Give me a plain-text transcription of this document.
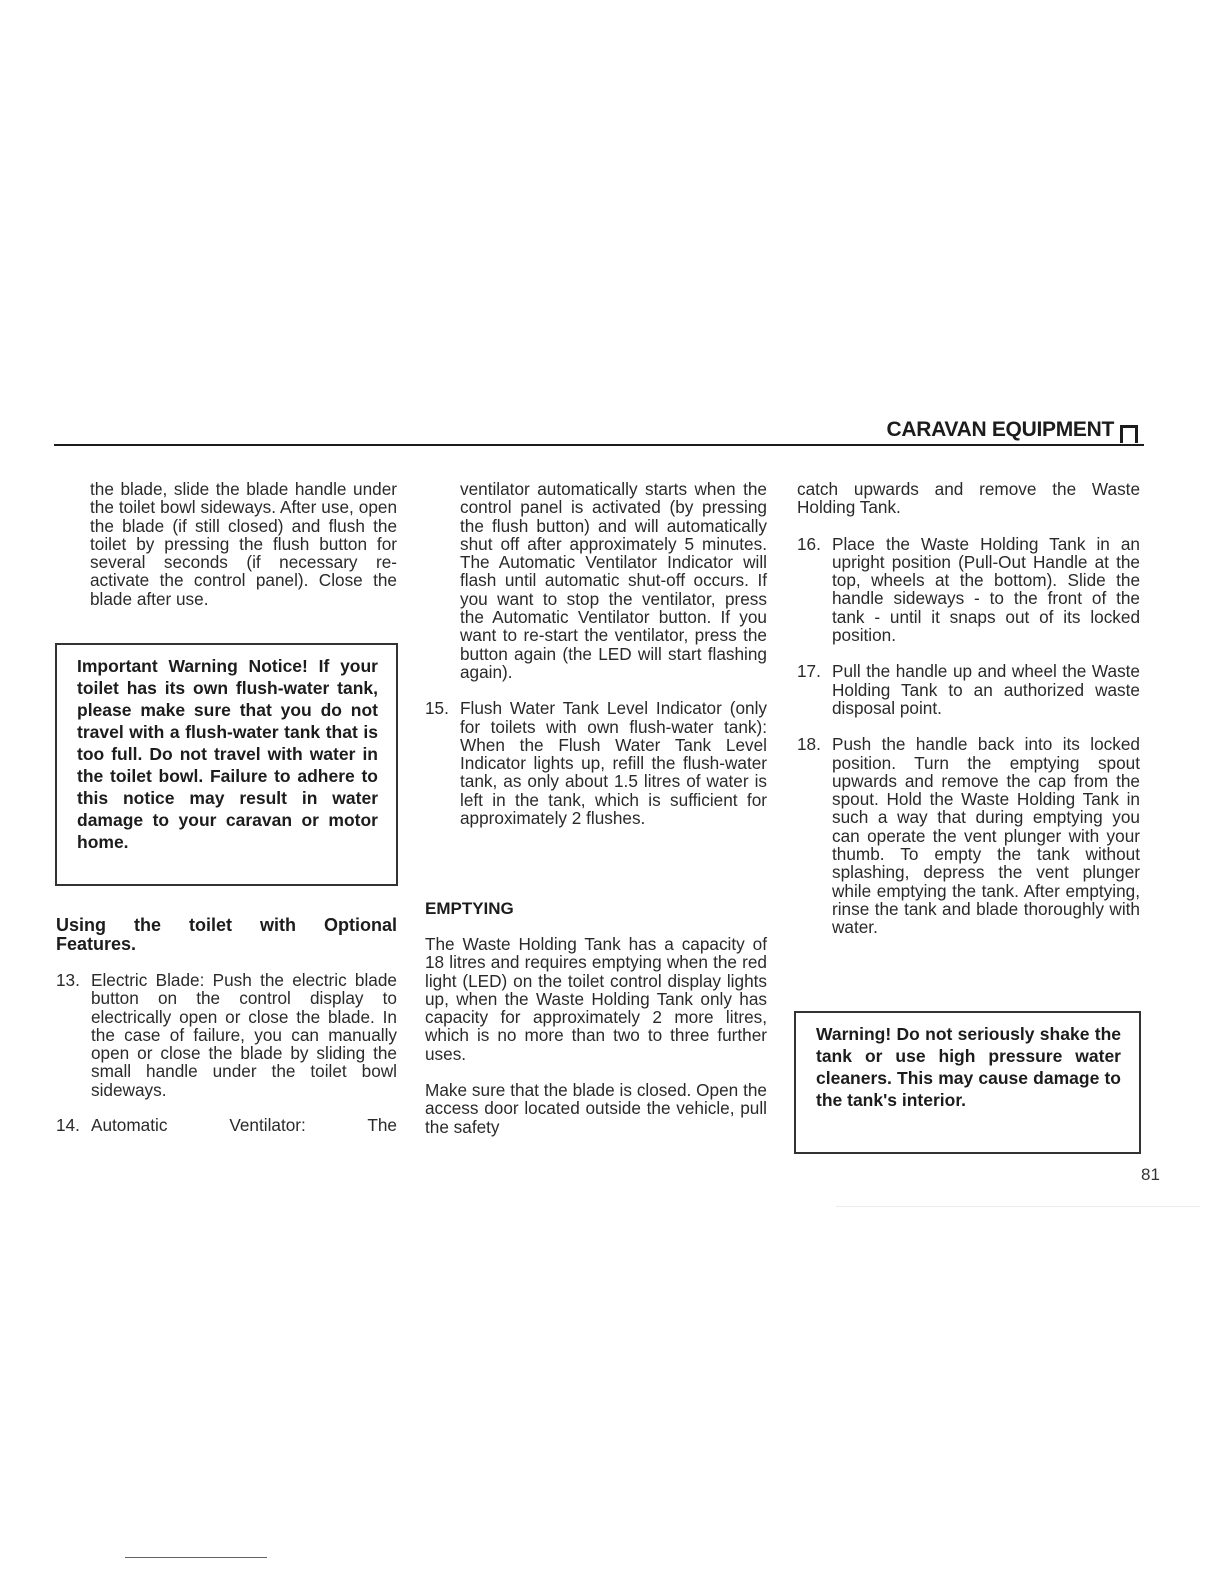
CARAVAN EQUIPMENT

the blade, slide the blade handle under the toilet bowl sideways. After use, open the blade (if still closed) and flush the toilet by pressing the flush button for several seconds (if necessary re-activate the control panel). Close the blade after use.

Important Warning Notice! If your toilet has its own flush-water tank, please make sure that you do not travel with a flush-water tank that is too full. Do not travel with water in the toilet bowl. Failure to adhere to this notice may result in water damage to your caravan or motor home.

Using the toilet with Optional
Features.
13. Electric Blade: Push the electric blade button on the control display to electrically open or close the blade. In the case of failure, you can manually open or close the blade by sliding the small handle under the toilet bowl sideways.
14. Automatic Ventilator: The
ventilator automatically starts when the control panel is activated (by pressing the flush button) and will automatically shut off after approximately 5 minutes. The Automatic Ventilator Indicator will flash until automatic shut-off occurs. If you want to stop the ventilator, press the Automatic Ventilator button. If you want to re-start the ventilator, press the button again (the LED will start flashing again).
15. Flush Water Tank Level Indicator (only for toilets with own flush-water tank): When the Flush Water Tank Level Indicator lights up, refill the flush-water tank, as only about 1.5 litres of water is left in the tank, which is sufficient for approximately 2 flushes.
EMPTYING

The Waste Holding Tank has a capacity of 18 litres and requires emptying when the red light (LED) on the toilet control display lights up, when the Waste Holding Tank only has capacity for approximately 2 more litres, which is no more than two to three further uses.

Make sure that the blade is closed. Open the access door located outside the vehicle, pull the safety

catch upwards and remove the Waste Holding Tank.

16. Place the Waste Holding Tank in an upright position (Pull-Out Handle at the top, wheels at the bottom). Slide the handle sideways - to the front of the tank - until it snaps out of its locked position.
17. Pull the handle up and wheel the Waste Holding Tank to an authorized waste disposal point.
18. Push the handle back into its locked position. Turn the emptying spout upwards and remove the cap from the spout. Hold the Waste Holding Tank in such a way that during emptying you can operate the vent plunger with your thumb. To empty the tank without splashing, depress the vent plunger while emptying the tank. After emptying, rinse the tank and blade thoroughly with water.

Warning! Do not seriously shake the tank or use high pressure water cleaners. This may cause damage to the tank's interior.

81
